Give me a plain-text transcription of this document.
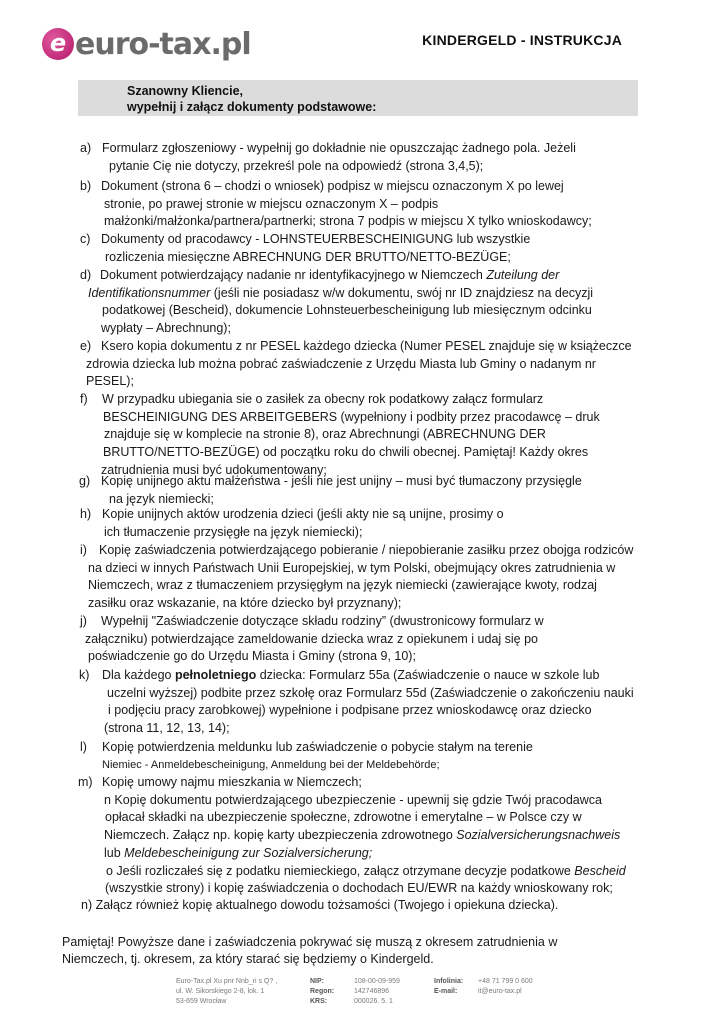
e euro-tax.pl	KINDERGELD - INSTRUKCJA
Szanowny Kliencie,
wypełnij i załącz dokumenty podstawowe:
a) Formularz zgłoszeniowy - wypełnij go dokładnie nie opuszczając żadnego pola. Jeżeli
pytanie Cię nie dotyczy, przekreśl pole na odpowiedź (strona 3,4,5);
b) Dokument (strona 6 – chodzi o wniosek) podpisz w miejscu oznaczonym X po lewej
stronie, po prawej stronie w miejscu oznaczonym X – podpis
małżonki/małżonka/partnera/partnerki; strona 7 podpis w miejscu X tylko wnioskodawcy;
c) Dokumenty od pracodawcy - LOHNSTEUERBESCHEINIGUNG lub wszystkie
rozliczenia miesięczne ABRECHNUNG DER BRUTTO/NETTO-BEZÜGE;
d) Dokument potwierdzający nadanie nr identyfikacyjnego w Niemczech Zuteilung der
Identifikationsnummer (jeśli nie posiadasz w/w dokumentu, swój nr ID znajdziesz na decyzji
podatkowej (Bescheid), dokumencie Lohnsteuerbescheinigung lub miesięcznym odcinku
wypłaty – Abrechnung);
e) Ksero kopia dokumentu z nr PESEL każdego dziecka (Numer PESEL znajduje się w książeczce
zdrowia dziecka lub można pobrać zaświadczenie z Urzędu Miasta lub Gminy o nadanym nr
PESEL);
f) W przypadku ubiegania sie o zasiłek za obecny rok podatkowy załącz formularz
BESCHEINIGUNG DES ARBEITGEBERS (wypełniony i podbity przez pracodawcę – druk
znajduje się w komplecie na stronie 8), oraz Abrechnungi (ABRECHNUNG DER
BRUTTO/NETTO-BEZÜGE) od początku roku do chwili obecnej. Pamiętaj! Każdy okres
zatrudnienia musi być udokumentowany;
g) Kopię unijnego aktu małżeństwa - jeśli nie jest unijny – musi być tłumaczony przysięgle
na język niemiecki;
h) Kopie unijnych aktów urodzenia dzieci (jeśli akty nie są unijne, prosimy o
ich tłumaczenie przysięgłe na język niemiecki);
i) Kopię zaświadczenia potwierdzającego pobieranie / niepobieranie zasiłku przez obojga rodziców
na dzieci w innych Państwach Unii Europejskiej, w tym Polski, obejmujący okres zatrudnienia w
Niemczech, wraz z tłumaczeniem przysięgłym na język niemiecki (zawierające kwoty, rodzaj
zasiłku oraz wskazanie, na które dziecko był przyznany);
j) Wypełnij "Zaświadczenie dotyczące składu rodziny” (dwustronicowy formularz w
załączniku) potwierdzające zameldowanie dziecka wraz z opiekunem i udaj się po
poświadczenie go do Urzędu Miasta i Gminy (strona 9, 10);
k) Dla każdego pełnoletniego dziecka: Formularz 55a (Zaświadczenie o nauce w szkole lub
uczelni wyższej) podbite przez szkołę oraz Formularz 55d (Zaświadczenie o zakończeniu nauki
i podjęciu pracy zarobkowej) wypełnione i podpisane przez wnioskodawcę oraz dziecko
(strona 11, 12, 13, 14);
l) Kopię potwierdzenia meldunku lub zaświadczenie o pobycie stałym na terenie
Niemiec - Anmeldebescheinigung, Anmeldung bei der Meldebehörde;
m) Kopię umowy najmu mieszkania w Niemczech;
n Kopię dokumentu potwierdzającego ubezpieczenie - upewnij się gdzie Twój pracodawca
opłacał składki na ubezpieczenie społeczne, zdrowotne i emerytalne – w Polsce czy w
Niemczech. Załącz np. kopię karty ubezpieczenia zdrowotnego Sozialversicherungsnachweis
lub Meldebescheinigung zur Sozialversicherung;
o Jeśli rozliczałeś się z podatku niemieckiego, załącz otrzymane decyzje podatkowe Bescheid
(wszystkie strony) i kopię zaświadczenia o dochodach EU/EWR na każdy wnioskowany rok;
n) Załącz również kopię aktualnego dowodu tożsamości (Twojego i opiekuna dziecka).
Pamiętaj! Powyższe dane i zaświadczenia pokrywać się muszą z okresem zatrudnienia w
Niemczech, tj. okresem, za który starać się będziemy o Kindergeld.
Euro-Tax.pl Xu pnr Nnb_ri s Q? ,
ul. W. Sikorskiego 2-8, lok. 1
53-659 Wrocław
NIP:
Regon:
KRS:
108-00-09-959
142746896
000026. 5. 1
Infolinia:
E-mail:
+48 71 799 0 600
it@euro-tax.pl
